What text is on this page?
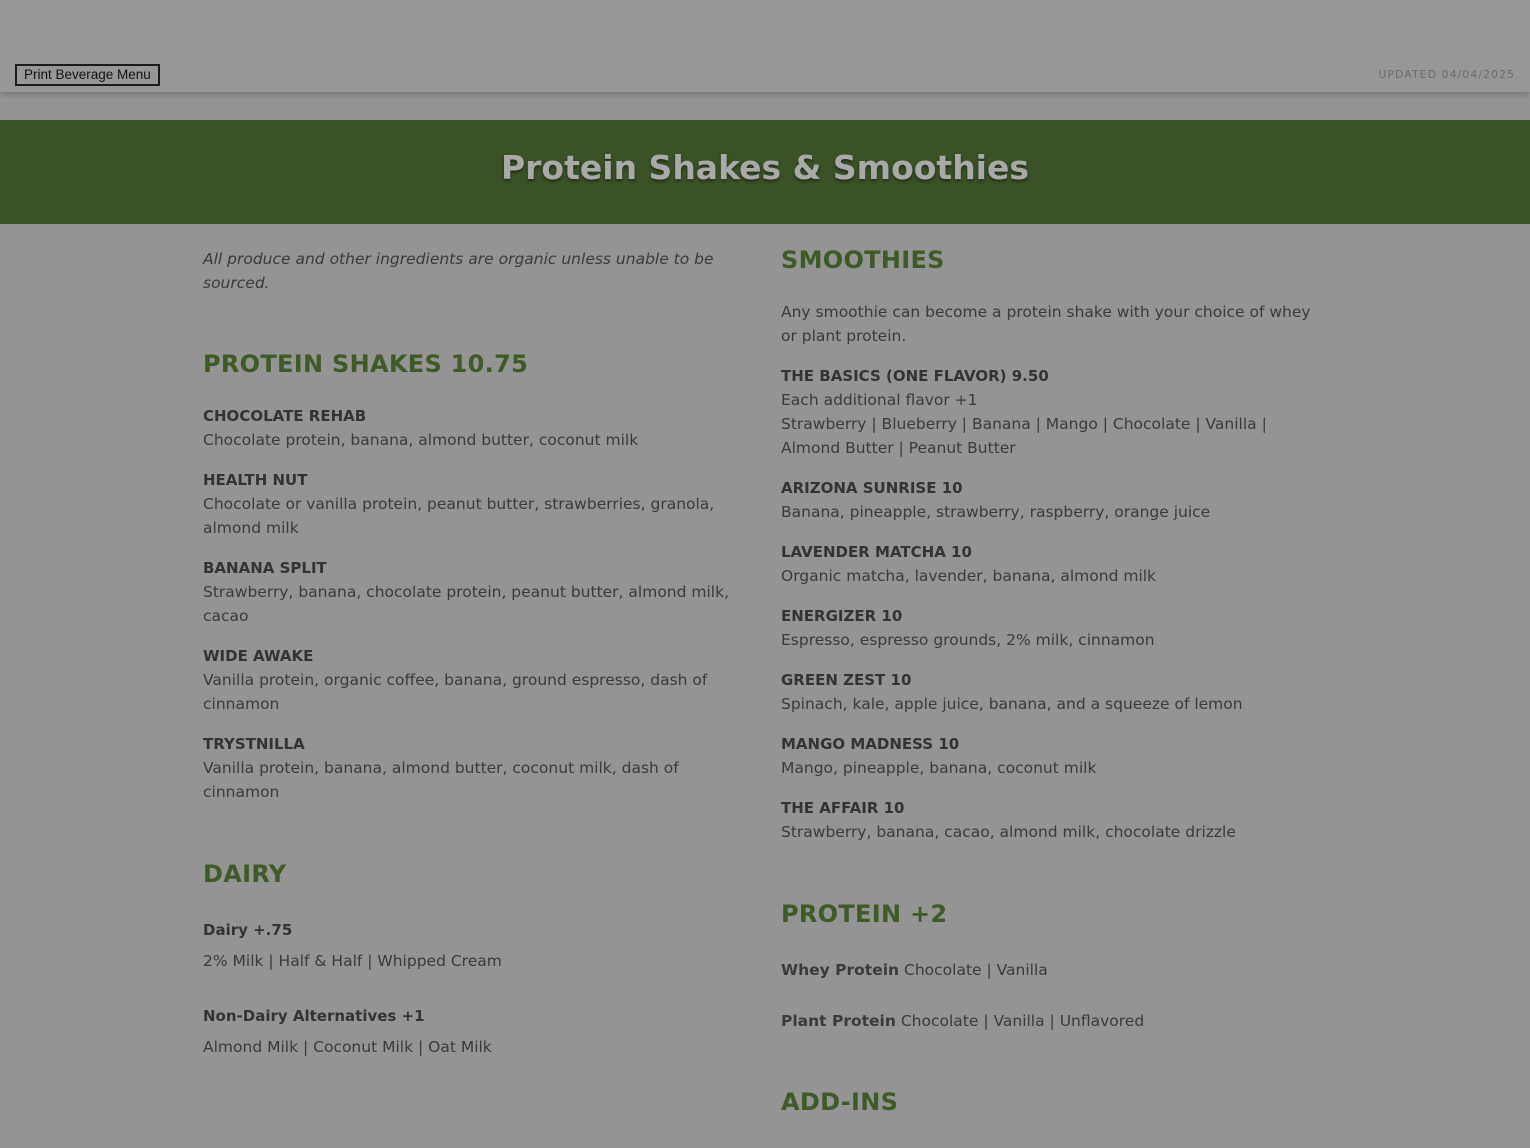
Print Beverage Menu	UPDATED 04/04/2025
Protein Shakes & Smoothies
All produce and other ingredients are organic unless unable to be sourced.
PROTEIN SHAKES 10.75
CHOCOLATE REHAB
Chocolate protein, banana, almond butter, coconut milk
HEALTH NUT
Chocolate or vanilla protein, peanut butter, strawberries, granola, almond milk
BANANA SPLIT
Strawberry, banana, chocolate protein, peanut butter, almond milk, cacao
WIDE AWAKE
Vanilla protein, organic coffee, banana, ground espresso, dash of cinnamon
TRYSTNILLA
Vanilla protein, banana, almond butter, coconut milk, dash of cinnamon
DAIRY
Dairy +.75
2% Milk | Half & Half | Whipped Cream
Non-Dairy Alternatives +1
Almond Milk | Coconut Milk | Oat Milk
SMOOTHIES
Any smoothie can become a protein shake with your choice of whey or plant protein.
THE BASICS (ONE FLAVOR) 9.50
Each additional flavor +1
Strawberry | Blueberry | Banana | Mango | Chocolate | Vanilla | Almond Butter | Peanut Butter
ARIZONA SUNRISE 10
Banana, pineapple, strawberry, raspberry, orange juice
LAVENDER MATCHA 10
Organic matcha, lavender, banana, almond milk
ENERGIZER 10
Espresso, espresso grounds, 2% milk, cinnamon
GREEN ZEST 10
Spinach, kale, apple juice, banana, and a squeeze of lemon
MANGO MADNESS 10
Mango, pineapple, banana, coconut milk
THE AFFAIR 10
Strawberry, banana, cacao, almond milk, chocolate drizzle
PROTEIN +2
Whey Protein Chocolate | Vanilla
Plant Protein Chocolate | Vanilla | Unflavored
ADD-INS
